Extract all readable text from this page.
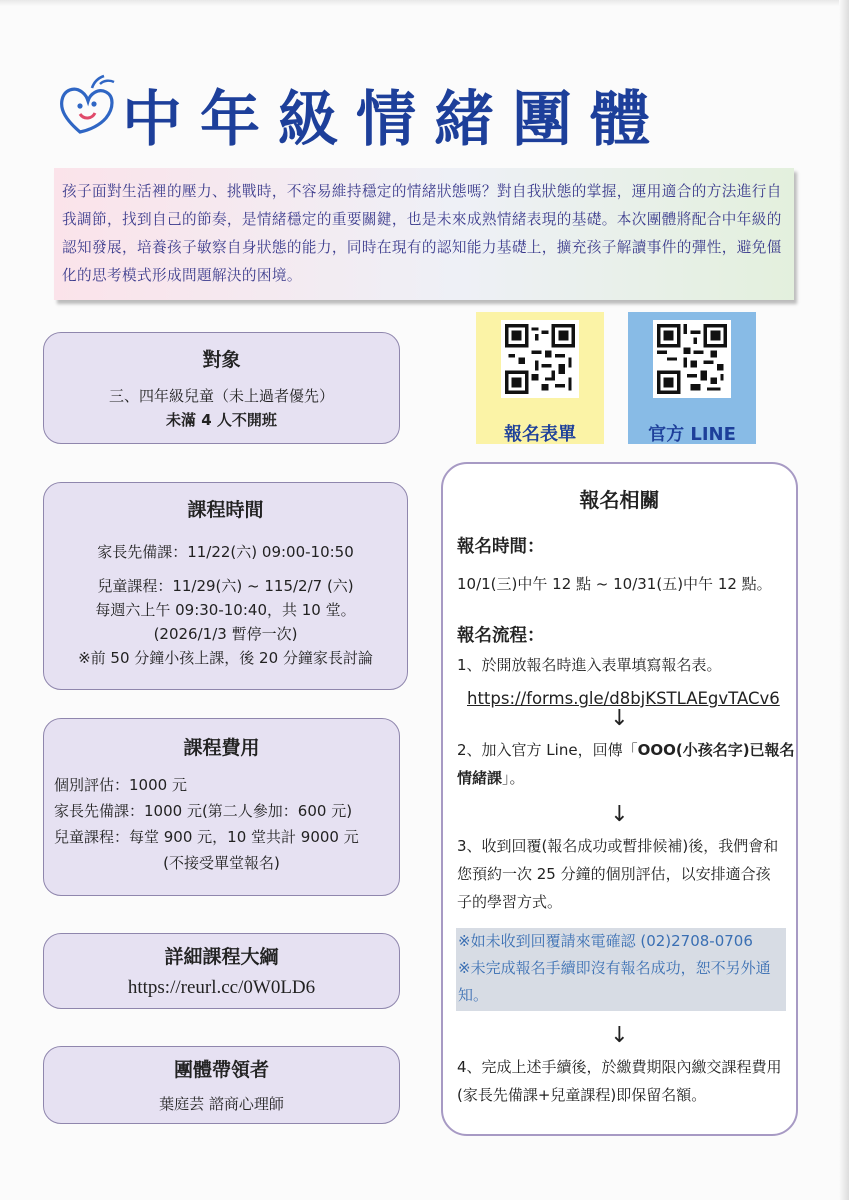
中年級情緒團體

孩子面對生活裡的壓力、挑戰時，不容易維持穩定的情緒狀態嗎？對自我狀態的掌握，運用適合的方法進行自我調節，找到自己的節奏，是情緒穩定的重要關鍵，也是未來成熟情緒表現的基礎。本次團體將配合中年級的認知發展，培養孩子敏察自身狀態的能力，同時在現有的認知能力基礎上，擴充孩子解讀事件的彈性，避免僵化的思考模式形成問題解決的困境。

對象
三、四年級兒童（未上過者優先）
未滿 4 人不開班
課程時間
家長先備課：11/22(六) 09:00-10:50
兒童課程：11/29(六) ~ 115/2/7 (六)
每週六上午 09:30-10:40，共 10 堂。
(2026/1/3 暫停一次)
※前 50 分鐘小孩上課，後 20 分鐘家長討論
課程費用
個別評估：1000 元
家長先備課：1000 元(第二人參加：600 元)
兒童課程：每堂 900 元，10 堂共計 9000 元
(不接受單堂報名)
詳細課程大綱
https://reurl.cc/0W0LD6
團體帶領者
葉庭芸 諮商心理師
報名表單	官方 LINE
報名相關
報名時間：
10/1(三)中午 12 點 ~ 10/31(五)中午 12 點。
報名流程：
1、於開放報名時進入表單填寫報名表。
https://forms.gle/d8bjKSTLAEgvTACv6
↓
2、加入官方 Line，回傳「OOO(小孩名字)已報名情緒課」。
↓
3、收到回覆(報名成功或暫排候補)後，我們會和您預約一次 25 分鐘的個別評估，以安排適合孩子的學習方式。
※如未收到回覆請來電確認 (02)2708-0706
※未完成報名手續即沒有報名成功，恕不另外通知。
↓
4、完成上述手續後，於繳費期限內繳交課程費用(家長先備課+兒童課程)即保留名額。
